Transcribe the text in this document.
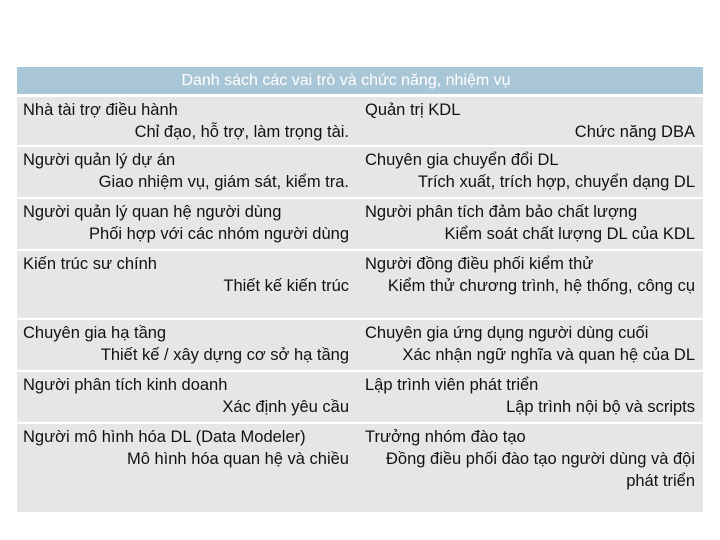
Danh sách các vai trò và chức năng, nhiệm vụ
Nhà tài trợ điều hành
Chỉ đạo, hỗ trợ, làm trọng tài.
Quản trị KDL
Chức năng DBA
Người quản lý dự án
Giao nhiệm vụ, giám sát, kiểm tra.
Chuyên gia chuyển đổi DL
Trích xuất, trích hợp, chuyển dạng DL
Người quản lý quan hệ người dùng
Phối hợp với các nhóm người dùng
Người phân tích đảm bảo chất lượng
Kiểm soát chất lượng DL của KDL
Kiến trúc sư chính
Thiết kế kiến trúc
Người đồng điều phối kiểm thử
Kiểm thử chương trình, hệ thống, công cụ
Chuyên gia hạ tầng
Thiết kế / xây dựng cơ sở hạ tầng
Chuyên gia ứng dụng người dùng cuối
Xác nhận ngữ nghĩa và quan hệ của DL
Người phân tích kinh doanh
Xác định yêu cầu
Lập trình viên phát triển
Lập trình nội bộ và scripts
Người mô hình hóa DL (Data Modeler)
Mô hình hóa quan hệ và chiều
Trưởng nhóm đào tạo
Đồng điều phối đào tạo người dùng và đội phát triển
